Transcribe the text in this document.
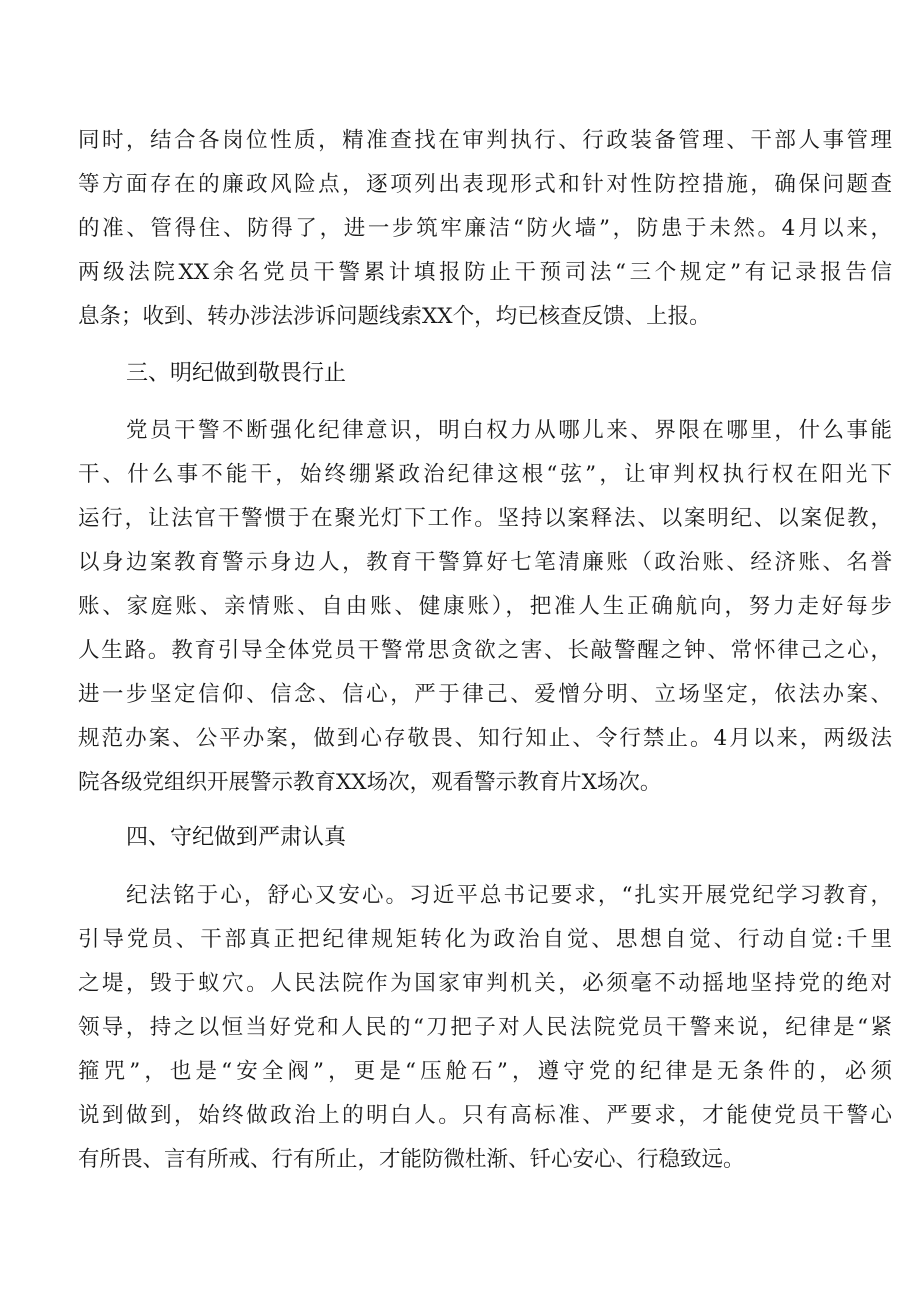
同时，结合各岗位性质，精准查找在审判执行、行政装备管理、干部人事管理
等方面存在的廉政风险点，逐项列出表现形式和针对性防控措施，确保问题查
的准、管得住、防得了，进一步筑牢廉洁“防火墙”，防患于未然。4月以来，
两级法院XX余名党员干警累计填报防止干预司法“三个规定”有记录报告信
息条；收到、转办涉法涉诉问题线索XX个，均已核查反馈、上报。
三、明纪做到敬畏行止
党员干警不断强化纪律意识，明白权力从哪儿来、界限在哪里，什么事能
干、什么事不能干，始终绷紧政治纪律这根“弦”，让审判权执行权在阳光下
运行，让法官干警惯于在聚光灯下工作。坚持以案释法、以案明纪、以案促教，
以身边案教育警示身边人，教育干警算好七笔清廉账（政治账、经济账、名誉
账、家庭账、亲情账、自由账、健康账），把准人生正确航向，努力走好每步
人生路。教育引导全体党员干警常思贪欲之害、长敲警醒之钟、常怀律己之心，
进一步坚定信仰、信念、信心，严于律己、爱憎分明、立场坚定，依法办案、
规范办案、公平办案，做到心存敬畏、知行知止、令行禁止。4月以来，两级法
院各级党组织开展警示教育XX场次，观看警示教育片X场次。
四、守纪做到严肃认真
纪法铭于心，舒心又安心。习近平总书记要求，“扎实开展党纪学习教育，
引导党员、干部真正把纪律规矩转化为政治自觉、思想自觉、行动自觉:千里
之堤，毁于蚁穴。人民法院作为国家审判机关，必须毫不动摇地坚持党的绝对
领导，持之以恒当好党和人民的“刀把子对人民法院党员干警来说，纪律是“紧
箍咒”，也是“安全阀”，更是“压舱石”，遵守党的纪律是无条件的，必须
说到做到，始终做政治上的明白人。只有高标准、严要求，才能使党员干警心
有所畏、言有所戒、行有所止，才能防微杜渐、钎心安心、行稳致远。
